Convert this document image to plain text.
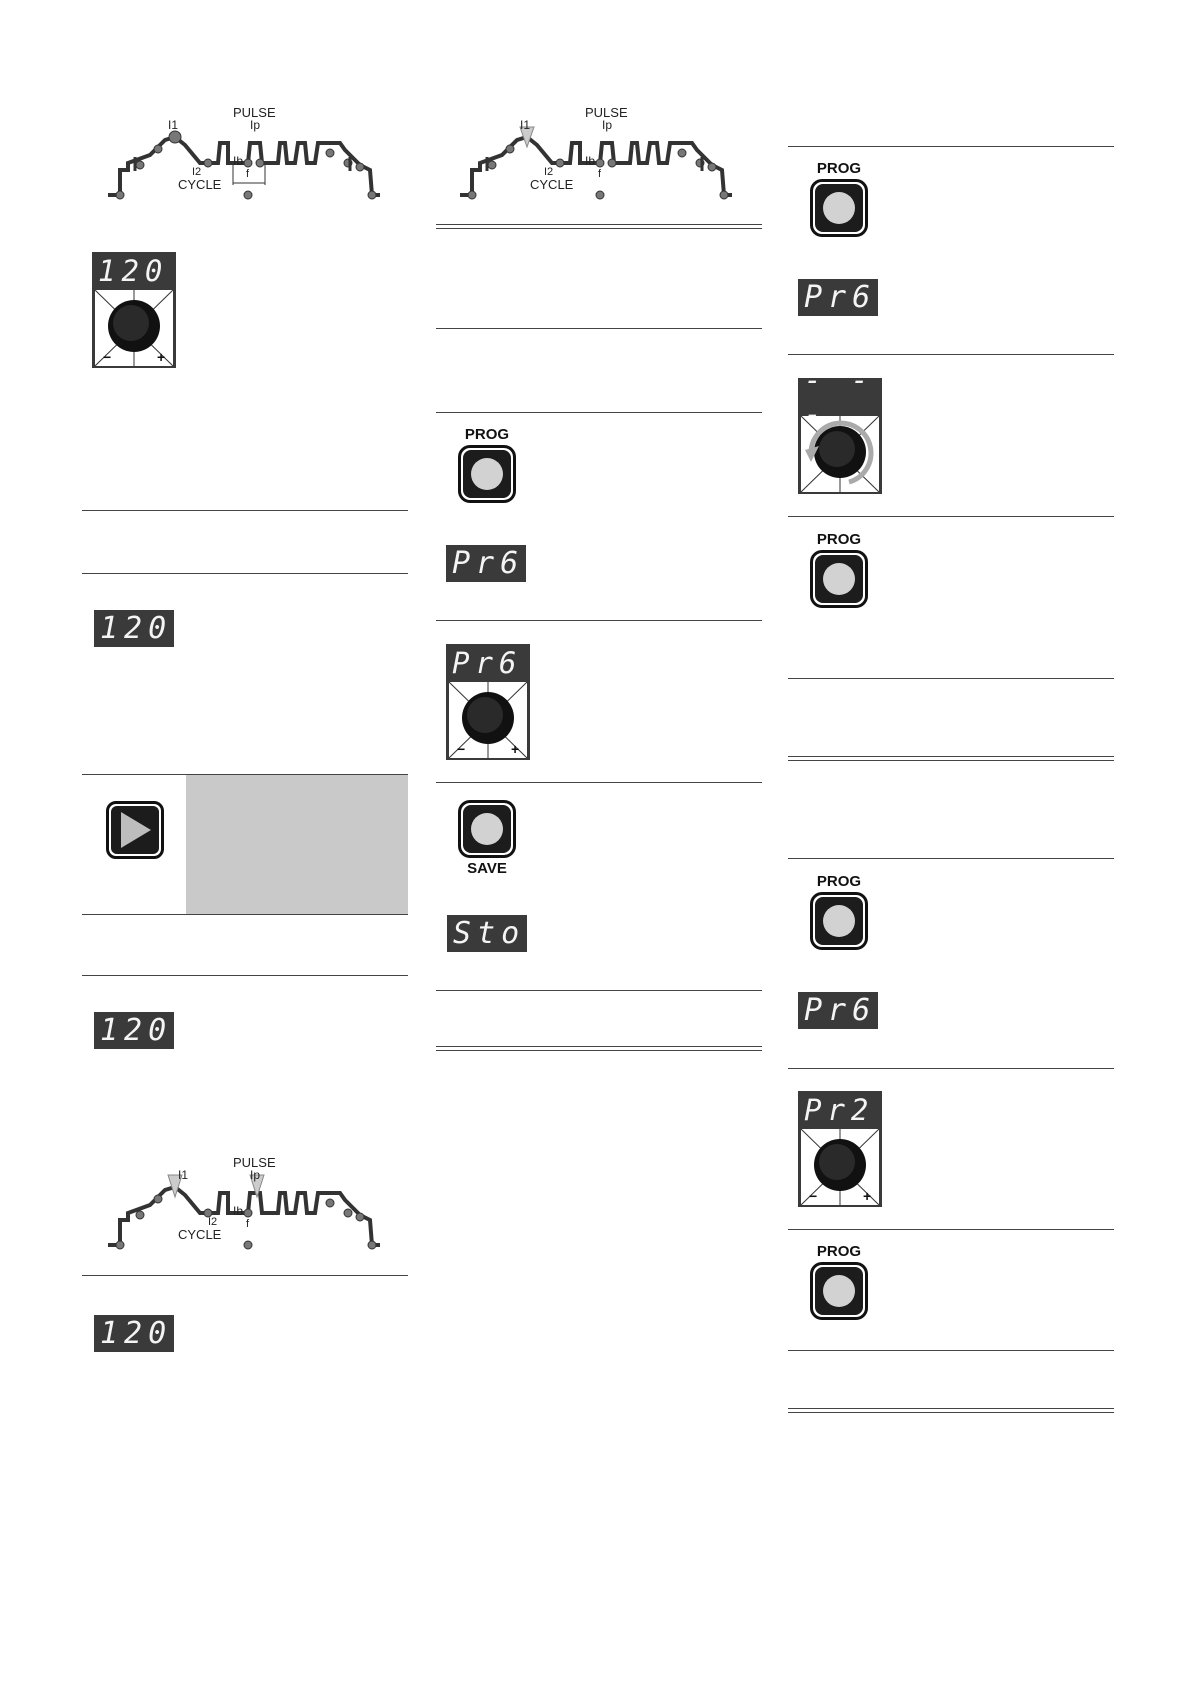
PULSE
Ip
I1
I2
Ib
f
CYCLE
120
−	+
120
120
PULSE
Ip
I1
I2
Ib
f
CYCLE
120
PULSE
Ip
I1
I2
Ib
f
CYCLE
PROG
Pr6
Pr6
−	+
SAVE
Sto
PROG
Pr6
- - -
PROG
PROG
Pr6
Pr2
−	+
PROG
